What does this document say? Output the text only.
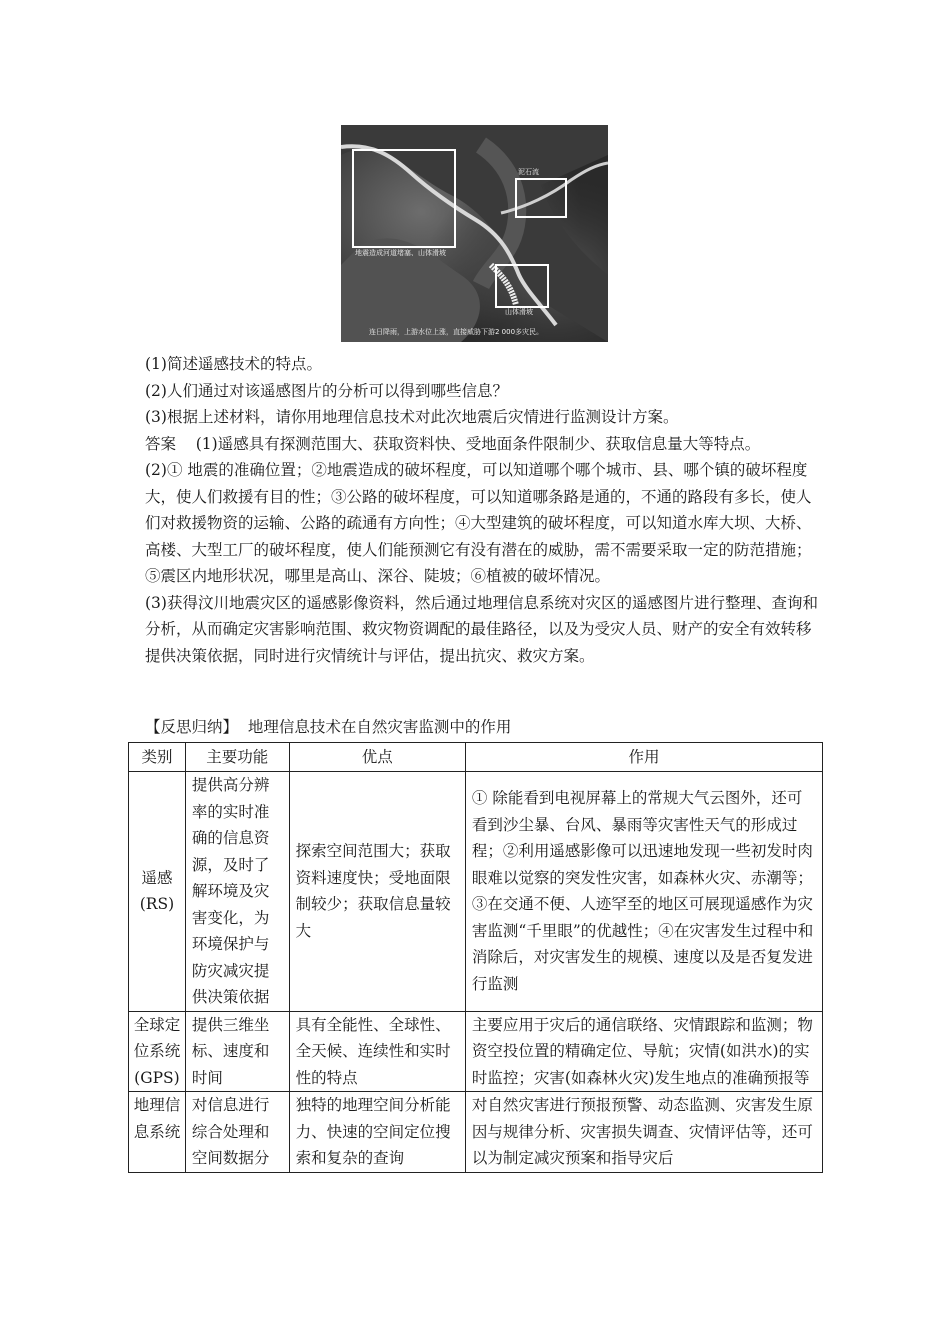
泥石流
地震造成河道堵塞、山体滑坡
山体滑坡
连日降雨，上游水位上涨，直接威胁下游2 000多灾民。

(1)简述遥感技术的特点。

(2)人们通过对该遥感图片的分析可以得到哪些信息？

(3)根据上述材料，请你用地理信息技术对此次地震后灾情进行监测设计方案。

答案 (1)遥感具有探测范围大、获取资料快、受地面条件限制少、获取信息量大等特点。

(2)① 地震的准确位置；②地震造成的破坏程度，可以知道哪个哪个城市、县、哪个镇的破坏程度大，使人们救援有目的性；③公路的破坏程度，可以知道哪条路是通的，不通的路段有多长，使人们对救援物资的运输、公路的疏通有方向性；④大型建筑的破坏程度，可以知道水库大坝、大桥、高楼、大型工厂的破坏程度，使人们能预测它有没有潜在的威胁，需不需要采取一定的防范措施；⑤震区内地形状况，哪里是高山、深谷、陡坡；⑥植被的破坏情况。

(3)获得汶川地震灾区的遥感影像资料，然后通过地理信息系统对灾区的遥感图片进行整理、查询和分析，从而确定灾害影响范围、救灾物资调配的最佳路径，以及为受灾人员、财产的安全有效转移提供决策依据，同时进行灾情统计与评估，提出抗灾、救灾方案。

【反思归纳】 地理信息技术在自然灾害监测中的作用

类别	主要功能	优点	作用
遥感(RS)	提供高分辨率的实时准确的信息资源，及时了解环境及灾害变化，为环境保护与防灾减灾提供决策依据	探索空间范围大；获取资料速度快；受地面限制较少；获取信息量较大	① 除能看到电视屏幕上的常规大气云图外，还可看到沙尘暴、台风、暴雨等灾害性天气的形成过程；②利用遥感影像可以迅速地发现一些初发时肉眼难以觉察的突发性灾害，如森林火灾、赤潮等；③在交通不便、人迹罕至的地区可展现遥感作为灾害监测“千里眼”的优越性；④在灾害发生过程中和消除后，对灾害发生的规模、速度以及是否复发进行监测
全球定位系统(GPS)	提供三维坐标、速度和时间	具有全能性、全球性、全天候、连续性和实时性的特点	主要应用于灾后的通信联络、灾情跟踪和监测；物资空投位置的精确定位、导航；灾情(如洪水)的实时监控；灾害(如森林火灾)发生地点的准确预报等
地理信息系统	对信息进行综合处理和空间数据分	独特的地理空间分析能力、快速的空间定位搜索和复杂的查询	对自然灾害进行预报预警、动态监测、灾害发生原因与规律分析、灾害损失调查、灾情评估等，还可以为制定减灾预案和指导灾后
